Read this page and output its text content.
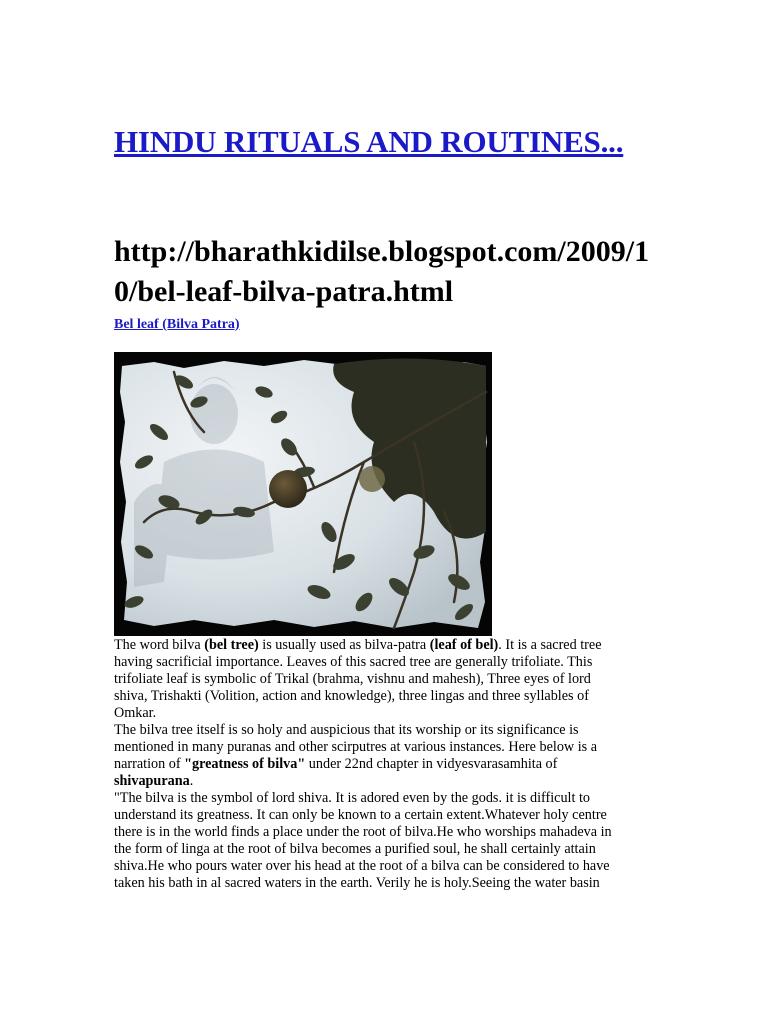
HINDU RITUALS AND ROUTINES...
http://bharathkidilse.blogspot.com/2009/1
0/bel-leaf-bilva-patra.html
Bel leaf (Bilva Patra)
The word bilva (bel tree) is usually used as bilva-patra (leaf of bel). It is a sacred tree
having sacrificial importance. Leaves of this sacred tree are generally trifoliate. This
trifoliate leaf is symbolic of Trikal (brahma, vishnu and mahesh), Three eyes of lord
shiva, Trishakti (Volition, action and knowledge), three lingas and three syllables of
Omkar.
The bilva tree itself is so holy and auspicious that its worship or its significance is
mentioned in many puranas and other scirputres at various instances. Here below is a
narration of "greatness of bilva" under 22nd chapter in vidyesvarasamhita of
shivapurana.
"The bilva is the symbol of lord shiva. It is adored even by the gods. it is difficult to
understand its greatness. It can only be known to a certain extent.Whatever holy centre
there is in the world finds a place under the root of bilva.He who worships mahadeva in
the form of linga at the root of bilva becomes a purified soul, he shall certainly attain
shiva.He who pours water over his head at the root of a bilva can be considered to have
taken his bath in al sacred waters in the earth. Verily he is holy.Seeing the water basin
